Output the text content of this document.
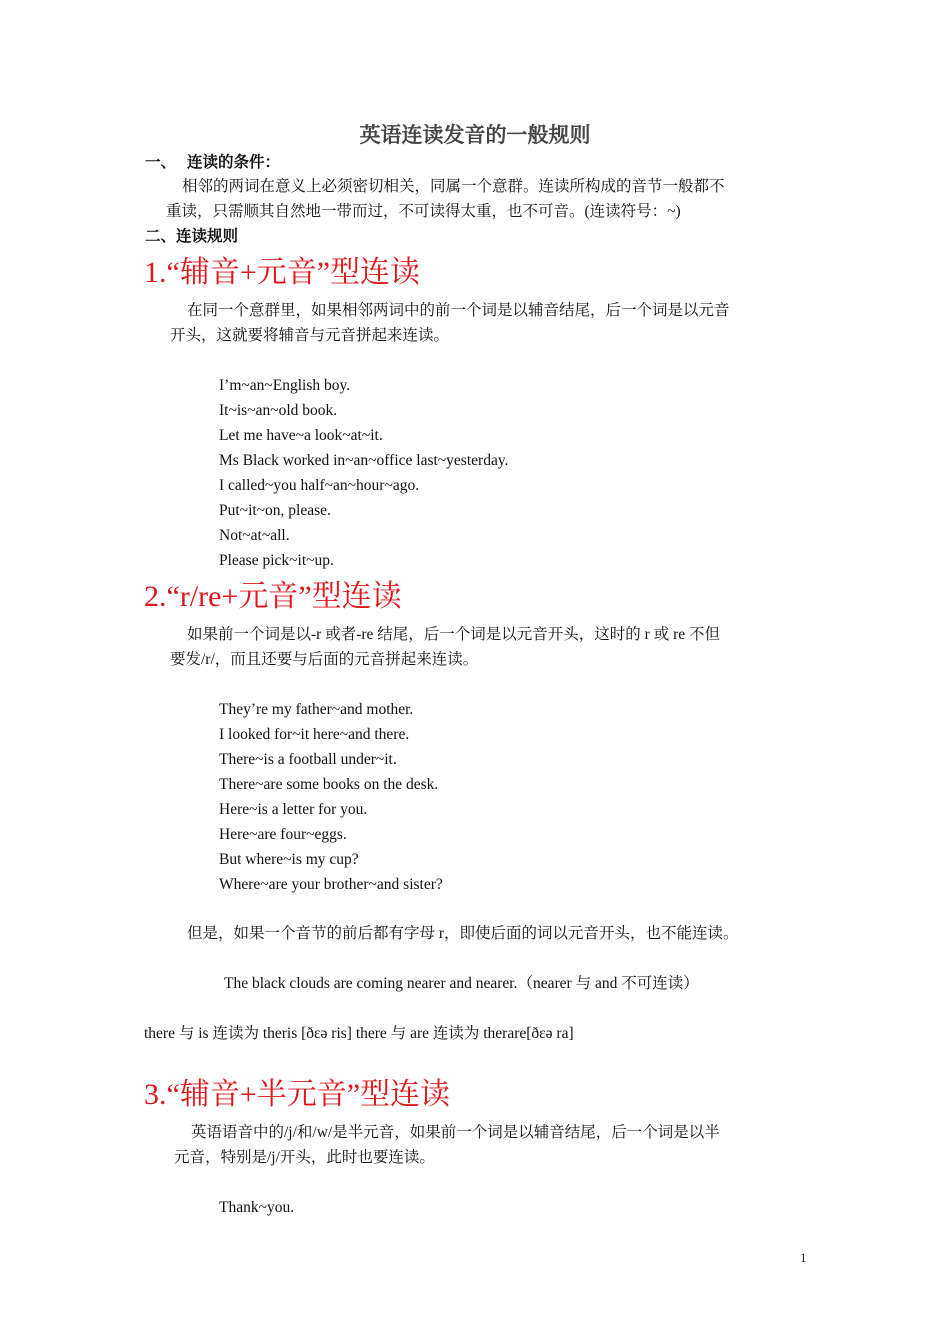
英语连读发音的一般规则
一、 连读的条件：
相邻的两词在意义上必须密切相关，同属一个意群。连读所构成的音节一般都不
重读，只需顺其自然地一带而过，不可读得太重，也不可音。(连读符号：~)
二、连读规则
1.“辅音+元音”型连读
在同一个意群里，如果相邻两词中的前一个词是以辅音结尾，后一个词是以元音
开头，这就要将辅音与元音拼起来连读。
I’m~an~English boy.
It~is~an~old book.
Let me have~a look~at~it.
Ms Black worked in~an~office last~yesterday.
I called~you half~an~hour~ago.
Put~it~on, please.
Not~at~all.
Please pick~it~up.
2.“r/re+元音”型连读
如果前一个词是以-r 或者-re 结尾，后一个词是以元音开头，这时的 r 或 re 不但
要发/r/，而且还要与后面的元音拼起来连读。
They’re my father~and mother.
I looked for~it here~and there.
There~is a football under~it.
There~are some books on the desk.
Here~is a letter for you.
Here~are four~eggs.
But where~is my cup?
Where~are your brother~and sister?
但是，如果一个音节的前后都有字母 r，即使后面的词以元音开头，也不能连读。
The black clouds are coming nearer and nearer.（nearer 与 and 不可连读）
there 与 is 连读为 theris [ðɛə ris] there 与 are 连读为 therare[ðɛə ra]
3.“辅音+半元音”型连读
英语语音中的/j/和/w/是半元音，如果前一个词是以辅音结尾，后一个词是以半
元音，特别是/j/开头，此时也要连读。
Thank~you.
1
